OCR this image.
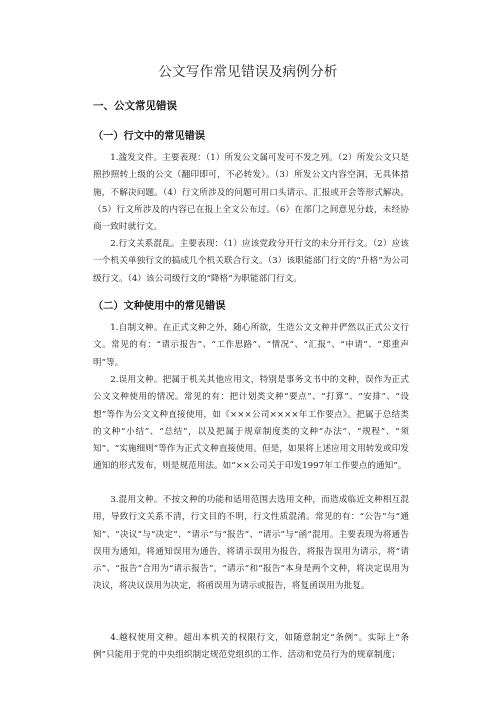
公文写作常见错误及病例分析
一、公文常见错误
（一）行文中的常见错误
1.滥发文件。主要表现：（1）所发公文属可发可不发之列。（2）所发公文只是照抄照转上级的公文（翻印即可，不必转发）。（3）所发公文内容空洞，无具体措施，不解决问题。（4）行文所涉及的问题可用口头请示、汇报或开会等形式解决。（5）行文所涉及的内容已在报上全文公布过。（6）在部门之间意见分歧，未经协商一致时就行文。
2.行文关系混乱。主要表现：（1）应该党政分开行文的未分开行文。（2）应该一个机关单独行文的搞成几个机关联合行文。（3）该职能部门行文的“升格”为公司级行文。（4）该公司级行文的“降格”为职能部门行文。
（二）文种使用中的常见错误
1.自制文种。在正式文种之外，随心所欲，生造公文文种并俨然以正式公文行文。常见的有：“请示报告”、“工作思路”、“情况”、“汇报”、“申请”、“郑重声明”等。
2.误用文种。把属于机关其他应用文，特别是事务文书中的文种，误作为正式公文文种使用的情况。常见的有：把计划类文种“要点”、“打算”、“安排”、“设想”等作为公文文种直接使用，如《×××公司××××年工作要点》。把属于总结类的文种“小结”、“总结”，以及把属于规章制度类的文种“办法”、“规程”、“须知”、“实施细则”等作为正式文种直接使用。但是，如果将上述应用文用转发或印发通知的形式发布，则是规范用法。如“××公司关于印发1997年工作要点的通知”。
3.混用文种。不按文种的功能和适用范围去选用文种，而造成临近文种相互混用，导致行文关系不清，行文目的不明，行文性质混淆。常见的有：“公告”与“通知”、“决议”与“决定”、“请示”与“报告”、“请示”与“函”混用。主要表现为将通告误用为通知，将通知误用为通告，将请示误用为报告，将报告误用为请示，将“请示”、“报告”合用为“请示报告”，“请示”和“报告”本身是两个文种，将决定误用为决议，将决议误用为决定，将函误用为请示或报告，将复函误用为批复。
4.越权使用文种。超出本机关的权限行文，如随意制定“条例”。实际上“条例”只能用于党的中央组织制定规范党组织的工作、活动和党员行为的规章制度；
